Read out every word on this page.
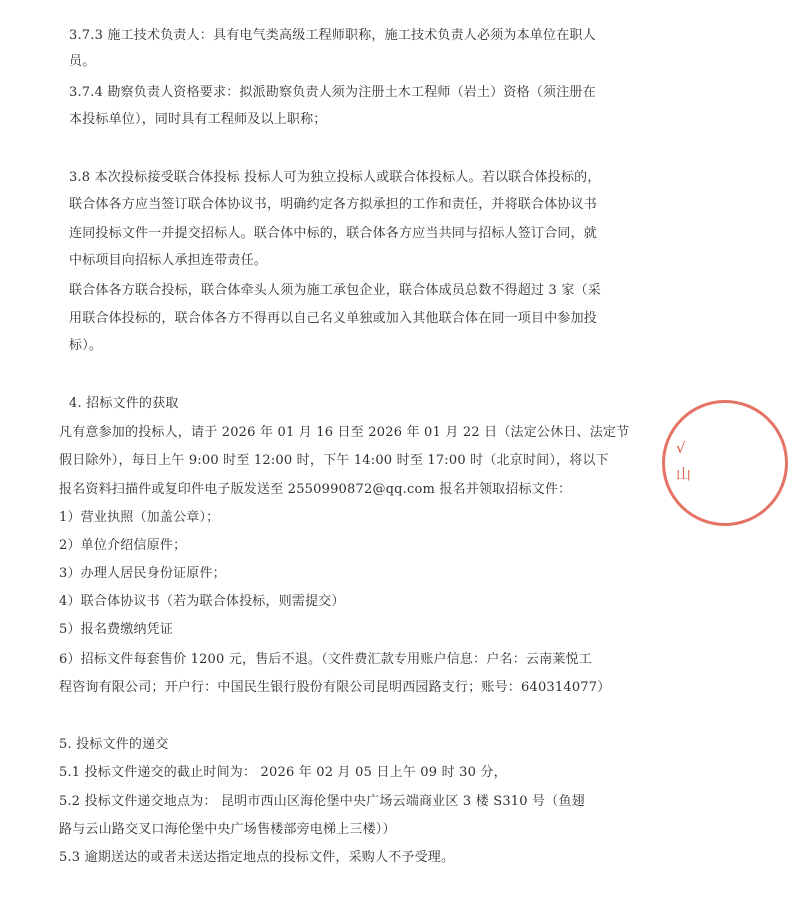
3.7.3 施工技术负责人：具有电气类高级工程师职称，施工技术负责人必须为本单位在职人
员。
3.7.4 勘察负责人资格要求：拟派勘察负责人须为注册土木工程师（岩土）资格（须注册在
本投标单位），同时具有工程师及以上职称；
3.8 本次投标接受联合体投标 投标人可为独立投标人或联合体投标人。若以联合体投标的，
联合体各方应当签订联合体协议书，明确约定各方拟承担的工作和责任，并将联合体协议书
连同投标文件一并提交招标人。联合体中标的，联合体各方应当共同与招标人签订合同，就
中标项目向招标人承担连带责任。
联合体各方联合投标，联合体牵头人须为施工承包企业，联合体成员总数不得超过 3 家（采
用联合体投标的，联合体各方不得再以自己名义单独或加入其他联合体在同一项目中参加投
标）。
4. 招标文件的获取
凡有意参加的投标人，请于 2026 年 01 月 16 日至 2026 年 01 月 22 日（法定公休日、法定节
假日除外），每日上午 9:00 时至 12:00 时，下午 14:00 时至 17:00 时（北京时间），将以下
报名资料扫描件或复印件电子版发送至 2550990872@qq.com 报名并领取招标文件：
1）营业执照（加盖公章）；
2）单位介绍信原件；
3）办理人居民身份证原件；
4）联合体协议书（若为联合体投标，则需提交）
5）报名费缴纳凭证
6）招标文件每套售价 1200 元，售后不退。（文件费汇款专用账户信息：户名：云南莱悦工
程咨询有限公司；开户行：中国民生银行股份有限公司昆明西园路支行；账号：640314077）
5. 投标文件的递交
5.1 投标文件递交的截止时间为： 2026 年 02 月 05 日上午 09 时 30 分，
5.2 投标文件递交地点为： 昆明市西山区海伦堡中央广场云端商业区 3 楼 S310 号（鱼翅
路与云山路交叉口海伦堡中央广场售楼部旁电梯上三楼））
5.3 逾期送达的或者未送达指定地点的投标文件，采购人不予受理。
√
山
